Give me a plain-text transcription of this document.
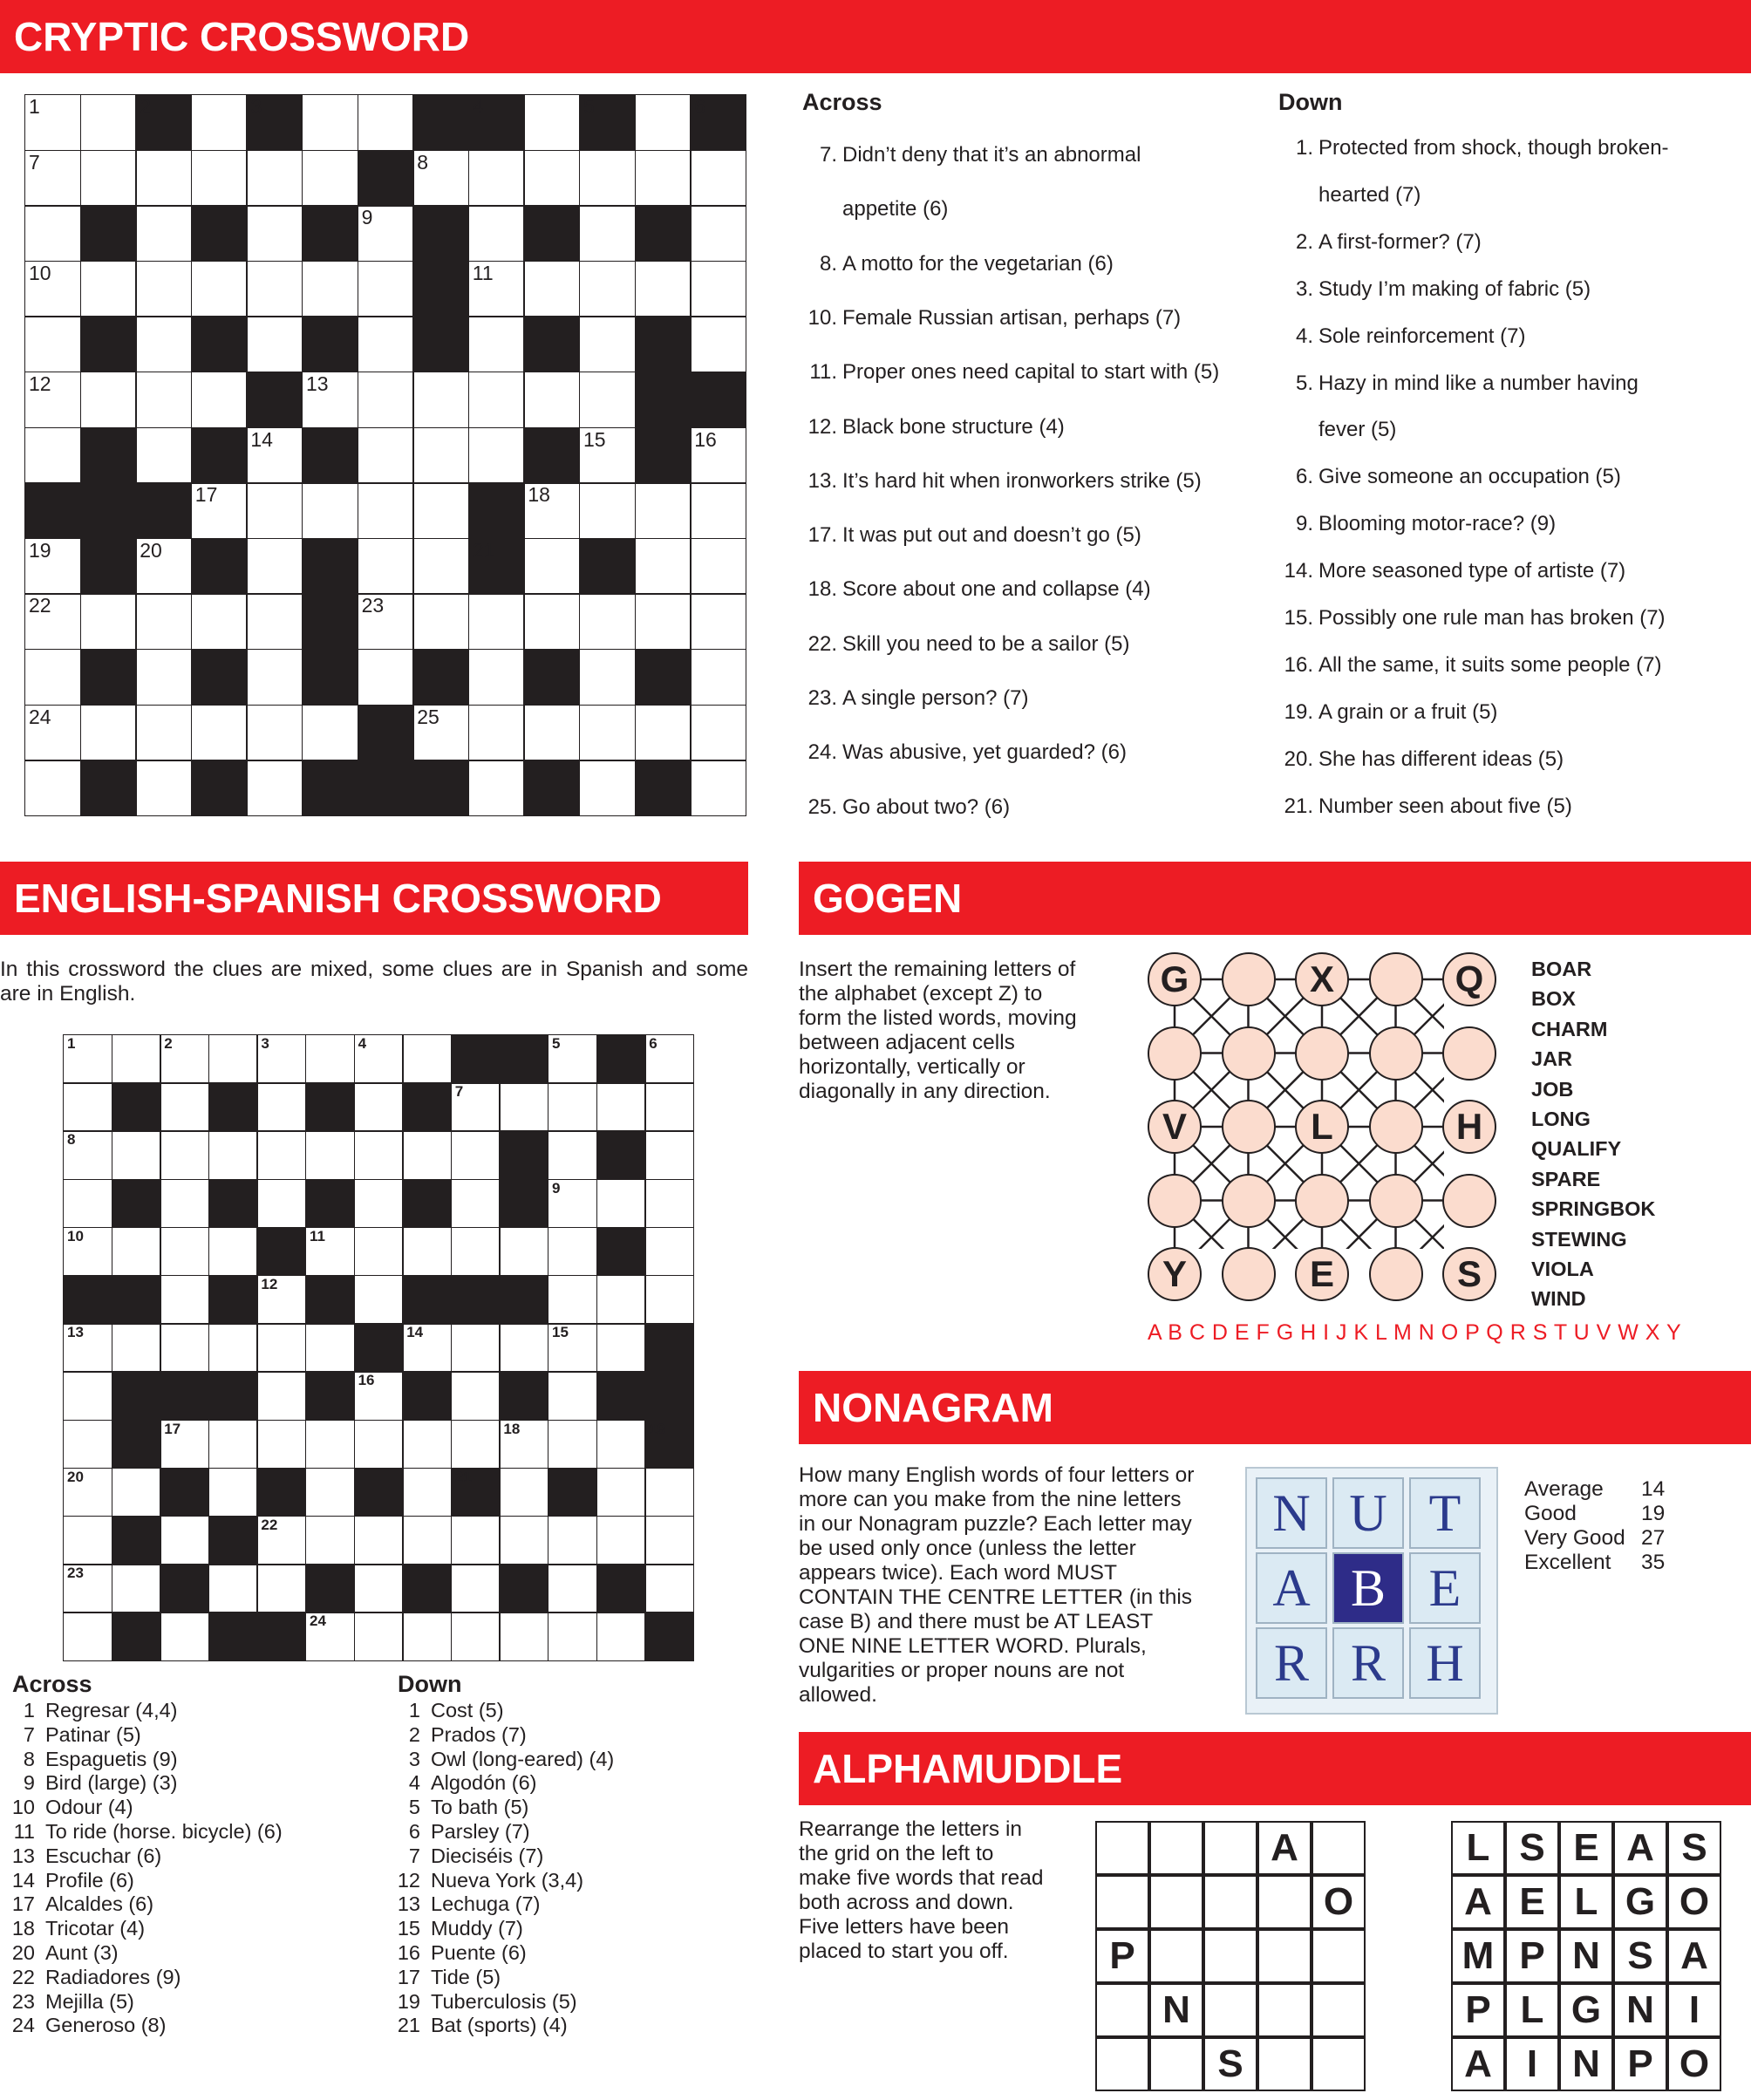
CRYPTIC CROSSWORD
1	2	3	4	5	6
7	8
9
10	11
12	13
14	15	16
17	18
19	20	21
22	23
24	25
Across
7. Didn’t deny that it’s an abnormal
appetite (6)
8. A motto for the vegetarian (6)
10. Female Russian artisan, perhaps (7)
11. Proper ones need capital to start with (5)
12. Black bone structure (4)
13. It’s hard hit when ironworkers strike (5)
17. It was put out and doesn’t go (5)
18. Score about one and collapse (4)
22. Skill you need to be a sailor (5)
23. A single person? (7)
24. Was abusive, yet guarded? (6)
25. Go about two? (6)
Down
1. Protected from shock, though broken-
hearted (7)
2. A first-former? (7)
3. Study I’m making of fabric (5)
4. Sole reinforcement (7)
5. Hazy in mind like a number having
fever (5)
6. Give someone an occupation (5)
9. Blooming motor-race? (9)
14. More seasoned type of artiste (7)
15. Possibly one rule man has broken (7)
16. All the same, it suits some people (7)
19. A grain or a fruit (5)
20. She has different ideas (5)
21. Number seen about five (5)
ENGLISH-SPANISH CROSSWORD
In this crossword the clues are mixed, some clues are in Spanish and some are in English.
1	2	3	4	5	6
7
8
9
10	11
12
13	14	15
16
17	18	19
20	21
22
23
24
Across
1 Regresar (4,4)
7 Patinar (5)
8 Espaguetis (9)
9 Bird (large) (3)
10 Odour (4)
11 To ride (horse. bicycle) (6)
13 Escuchar (6)
14 Profile (6)
17 Alcaldes (6)
18 Tricotar (4)
20 Aunt (3)
22 Radiadores (9)
23 Mejilla (5)
24 Generoso (8)
Down
1 Cost (5)
2 Prados (7)
3 Owl (long-eared) (4)
4 Algodón (6)
5 To bath (5)
6 Parsley (7)
7 Dieciséis (7)
12 Nueva York (3,4)
13 Lechuga (7)
15 Muddy (7)
16 Puente (6)
17 Tide (5)
19 Tuberculosis (5)
21 Bat (sports) (4)
GOGEN
Insert the remaining letters of the alphabet (except Z) to form the listed words, moving between adjacent cells horizontally, vertically or diagonally in any direction.
G	X	Q
V	L	H
Y	E	S
BOAR
BOX
CHARM
JAR
JOB
LONG
QUALIFY
SPARE
SPRINGBOK
STEWING
VIOLA
WIND
A B C D E F G H I J K L M N O P Q R S T U V W X Y
NONAGRAM
How many English words of four letters or more can you make from the nine letters in our Nonagram puzzle? Each letter may be used only once (unless the letter appears twice). Each word MUST CONTAIN THE CENTRE LETTER (in this case B) and there must be AT LEAST ONE NINE LETTER WORD. Plurals, vulgarities or proper nouns are not allowed.
N U T
A B E
R R H
Average 14
Good	19
Very Good 27
Excellent 35
ALPHAMUDDLE
Rearrange the letters in the grid on the left to make five words that read both across and down. Five letters have been placed to start you off.
A
O
P
N
S
L S E A S
A E L G O
M P N S A
P L G N I
A I N P O
